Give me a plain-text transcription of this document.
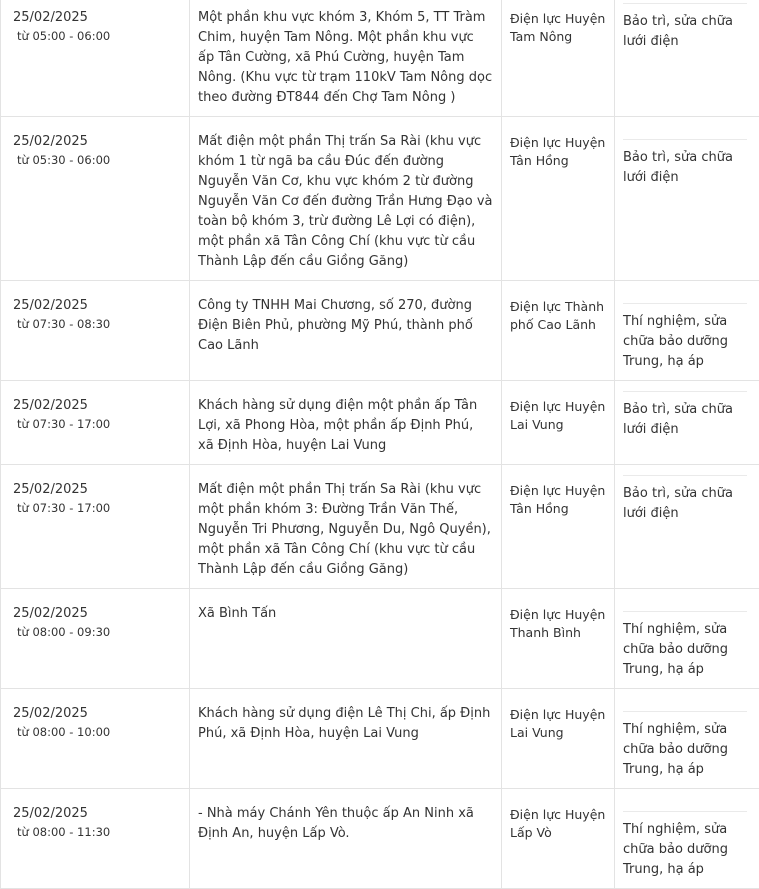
25/02/2025
từ 05:00 - 06:00	Một phần khu vực khóm 3, Khóm 5, TT Tràm Chim, huyện Tam Nông. Một phần khu vực ấp Tân Cường, xã Phú Cường, huyện Tam Nông. (Khu vực từ trạm 110kV Tam Nông dọc theo đường ĐT844 đến Chợ Tam Nông )	Điện lực Huyện Tam Nông	Bảo trì, sửa chữa lưới điện

25/02/2025
từ 05:30 - 06:00	Mất điện một phần Thị trấn Sa Rài (khu vực khóm 1 từ ngã ba cầu Đúc đến đường Nguyễn Văn Cơ, khu vực khóm 2 từ đường Nguyễn Văn Cơ đến đường Trần Hưng Đạo và toàn bộ khóm 3, trừ đường Lê Lợi có điện), một phần xã Tân Công Chí (khu vực từ cầu Thành Lập đến cầu Giồng Găng)	Điện lực Huyện Tân Hồng	Bảo trì, sửa chữa lưới điện

25/02/2025
từ 07:30 - 08:30	Công ty TNHH Mai Chương, số 270, đường Điện Biên Phủ, phường Mỹ Phú, thành phố Cao Lãnh	Điện lực Thành phố Cao Lãnh	Thí nghiệm, sửa chữa bảo dưỡng Trung, hạ áp

25/02/2025
từ 07:30 - 17:00	Khách hàng sử dụng điện một phần ấp Tân Lợi, xã Phong Hòa, một phần ấp Định Phú, xã Định Hòa, huyện Lai Vung	Điện lực Huyện Lai Vung	Bảo trì, sửa chữa lưới điện

25/02/2025
từ 07:30 - 17:00	Mất điện một phần Thị trấn Sa Rài (khu vực một phần khóm 3: Đường Trần Văn Thế, Nguyễn Tri Phương, Nguyễn Du, Ngô Quyền), một phần xã Tân Công Chí (khu vực từ cầu Thành Lập đến cầu Giồng Găng)	Điện lực Huyện Tân Hồng	Bảo trì, sửa chữa lưới điện

25/02/2025
từ 08:00 - 09:30	Xã Bình Tấn	Điện lực Huyện Thanh Bình	Thí nghiệm, sửa chữa bảo dưỡng Trung, hạ áp

25/02/2025
từ 08:00 - 10:00	Khách hàng sử dụng điện Lê Thị Chi, ấp Định Phú, xã Định Hòa, huyện Lai Vung	Điện lực Huyện Lai Vung	Thí nghiệm, sửa chữa bảo dưỡng Trung, hạ áp

25/02/2025
từ 08:00 - 11:30	- Nhà máy Chánh Yên thuộc ấp An Ninh xã Định An, huyện Lấp Vò.	Điện lực Huyện Lấp Vò	Thí nghiệm, sửa chữa bảo dưỡng Trung, hạ áp
